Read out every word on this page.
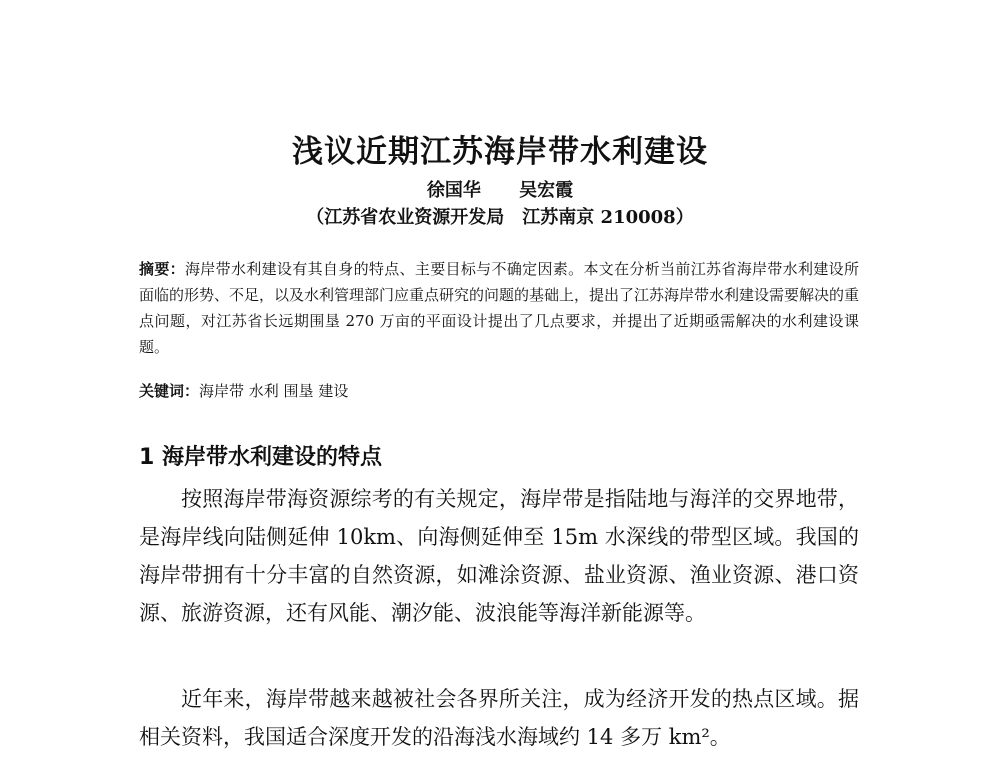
浅议近期江苏海岸带水利建设
徐国华 吴宏霞
（江苏省农业资源开发局　江苏南京 210008）
摘要：海岸带水利建设有其自身的特点、主要目标与不确定因素。本文在分析当前江苏省海岸带水利建设所面临的形势、不足，以及水利管理部门应重点研究的问题的基础上，提出了江苏海岸带水利建设需要解决的重点问题，对江苏省长远期围垦 270 万亩的平面设计提出了几点要求，并提出了近期亟需解决的水利建设课题。
关键词：海岸带 水利 围垦 建设
1 海岸带水利建设的特点
按照海岸带海资源综考的有关规定，海岸带是指陆地与海洋的交界地带，是海岸线向陆侧延伸 10km、向海侧延伸至 15m 水深线的带型区域。我国的海岸带拥有十分丰富的自然资源，如滩涂资源、盐业资源、渔业资源、港口资源、旅游资源，还有风能、潮汐能、波浪能等海洋新能源等。
近年来，海岸带越来越被社会各界所关注，成为经济开发的热点区域。据相关资料，我国适合深度开发的沿海浅水海域约 14 多万 km²。
